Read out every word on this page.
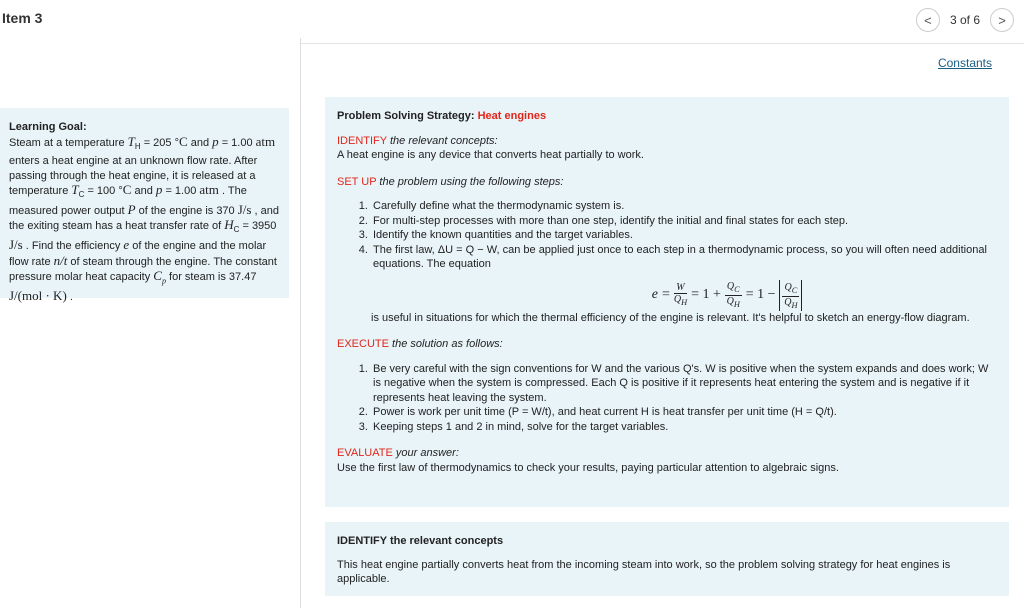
Item 3	< 3 of 6 >
Constants
Learning Goal:
Steam at a temperature $T_H = 205$ °C and p = 1.00 atm enters a heat engine at an unknown flow rate. After passing through the heat engine, it is released at a temperature $T_C = 100$ °C and p = 1.00 atm . The measured power output P of the engine is 370 J/s , and the exiting steam has a heat transfer rate of $H_C = 3950$ J/s . Find the efficiency e of the engine and the molar flow rate n/t of steam through the engine. The constant pressure molar heat capacity $C_p$ for steam is 37.47 J/(mol · K) .
Problem Solving Strategy: Heat engines
IDENTIFY the relevant concepts:
A heat engine is any device that converts heat partially to work.
SET UP the problem using the following steps:
1. Carefully define what the thermodynamic system is.
2. For multi-step processes with more than one step, identify the initial and final states for each step.
3. Identify the known quantities and the target variables.
4. The first law, ΔU = Q − W, can be applied just once to each step in a thermodynamic process, so you will often need additional equations. The equation
e = W
$Q_H$
= 1 +
$Q_C$
$Q_H$
= $1 - \frac{Q_C}{Q_H}$
is useful in situations for which the thermal efficiency of the engine is relevant. It's helpful to sketch an energy-flow diagram.
EXECUTE the solution as follows:
1. Be very careful with the sign conventions for W and the various Q's. W is positive when the system expands and does work; W is negative when the system is compressed. Each Q is positive if it represents heat entering the system and is negative if it represents heat leaving the system.
2. Power is work per unit time (P = W/t), and heat current H is heat transfer per unit time (H = Q/t).
3. Keeping steps 1 and 2 in mind, solve for the target variables.
EVALUATE your answer:
Use the first law of thermodynamics to check your results, paying particular attention to algebraic signs.
IDENTIFY the relevant concepts
This heat engine partially converts heat from the incoming steam into work, so the problem solving strategy for heat engines is applicable.
